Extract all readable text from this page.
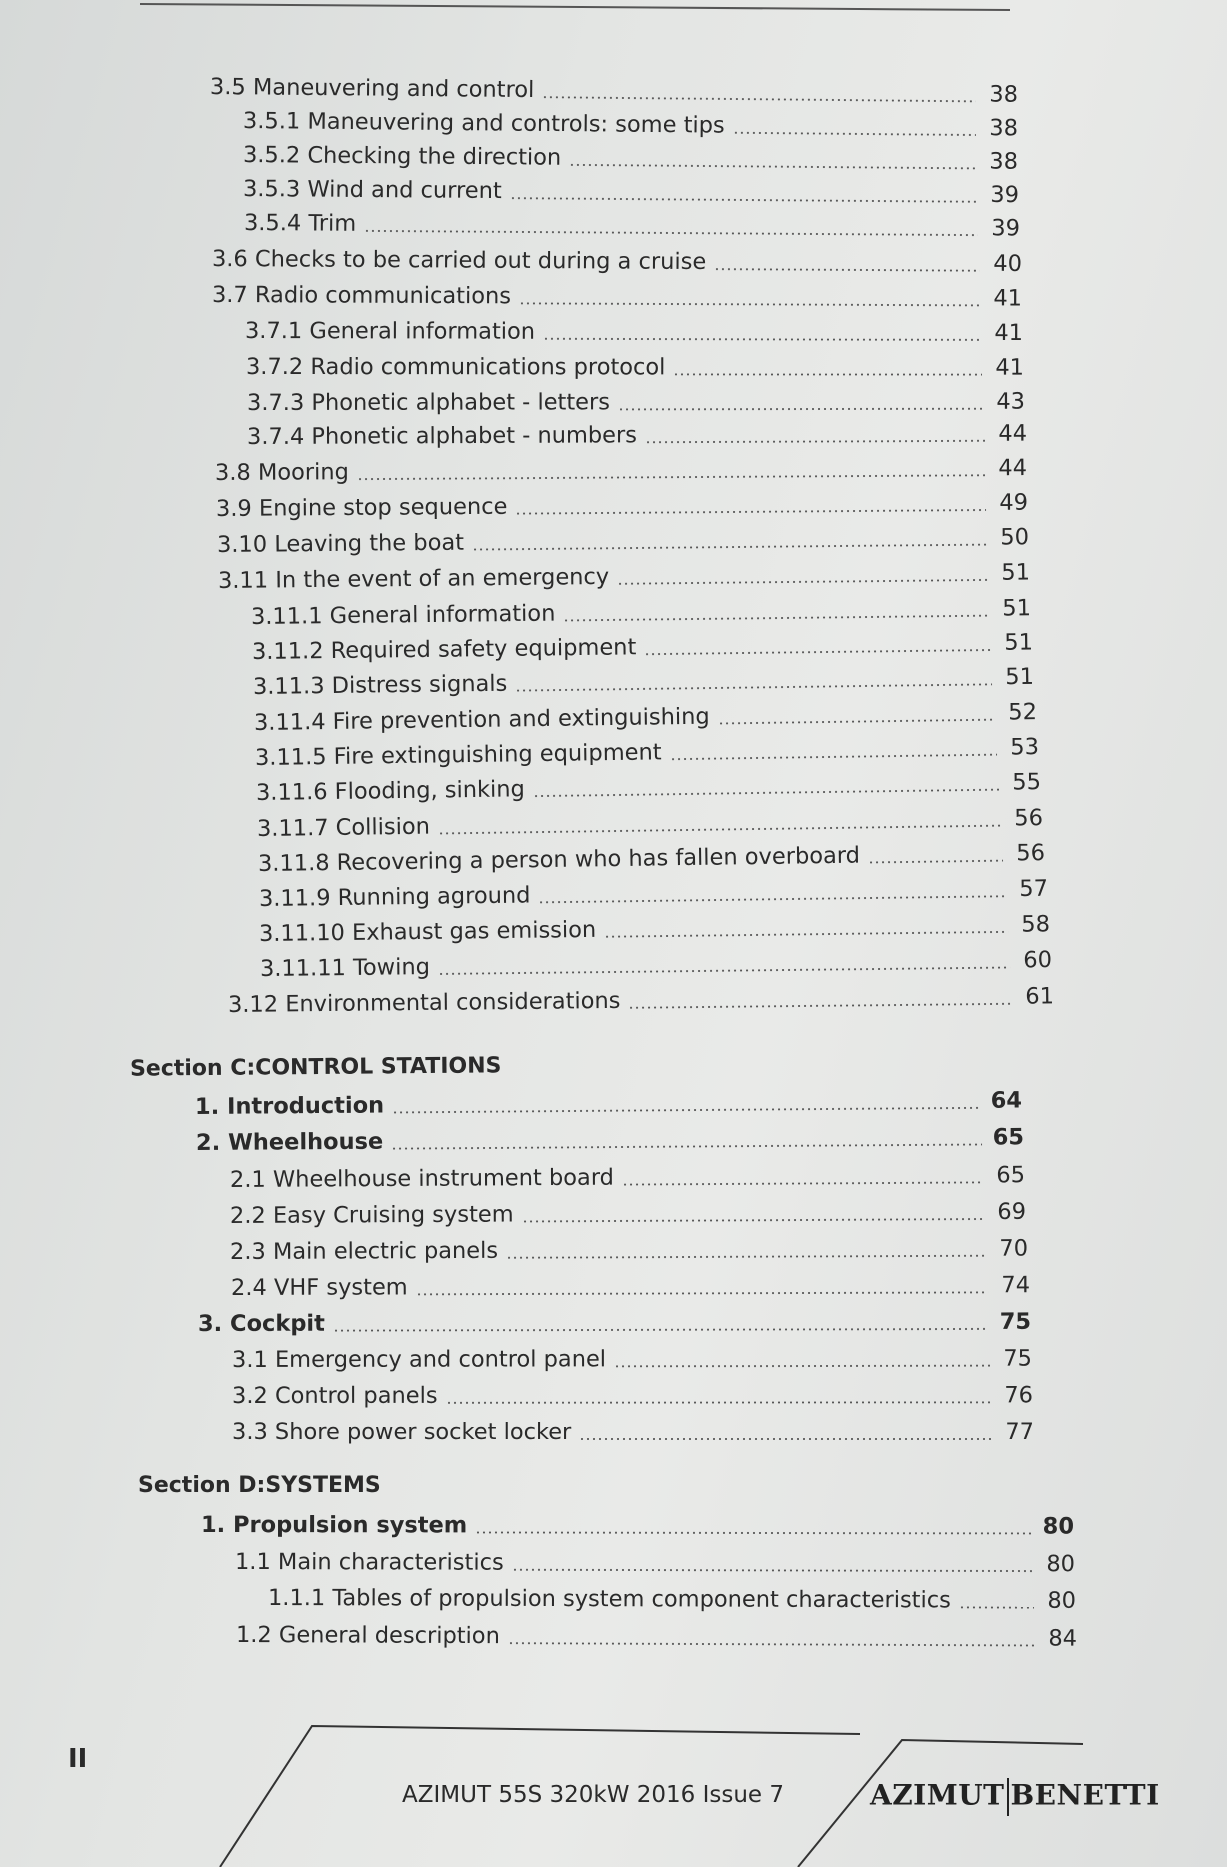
3.5 Maneuvering and control	38
3.5.1 Maneuvering and controls: some tips	38
3.5.2 Checking the direction	38
3.5.3 Wind and current	39
3.5.4 Trim	39
3.6 Checks to be carried out during a cruise	40
3.7 Radio communications	41
3.7.1 General information	41
3.7.2 Radio communications protocol	41
3.7.3 Phonetic alphabet - letters	43
3.7.4 Phonetic alphabet - numbers	44
3.8 Mooring	44
3.9 Engine stop sequence	49
3.10 Leaving the boat	50
3.11 In the event of an emergency	51
3.11.1 General information	51
3.11.2 Required safety equipment	51
3.11.3 Distress signals	51
3.11.4 Fire prevention and extinguishing	52
3.11.5 Fire extinguishing equipment	53
3.11.6 Flooding, sinking	55
3.11.7 Collision	56
3.11.8 Recovering a person who has fallen overboard	56
3.11.9 Running aground	57
3.11.10 Exhaust gas emission	58
3.11.11 Towing	60
3.12 Environmental considerations	61
Section C:CONTROL STATIONS
1. Introduction	64
2. Wheelhouse	65
2.1 Wheelhouse instrument board	65
2.2 Easy Cruising system	69
2.3 Main electric panels	70
2.4 VHF system	74
3. Cockpit	75
3.1 Emergency and control panel	75
3.2 Control panels	76
3.3 Shore power socket locker	77
Section D:SYSTEMS
1. Propulsion system	80
1.1 Main characteristics	80
1.1.1 Tables of propulsion system component characteristics	80
1.2 General description	84
II
AZIMUT 55S 320kW 2016 Issue 7	AZIMUT BENETTI
